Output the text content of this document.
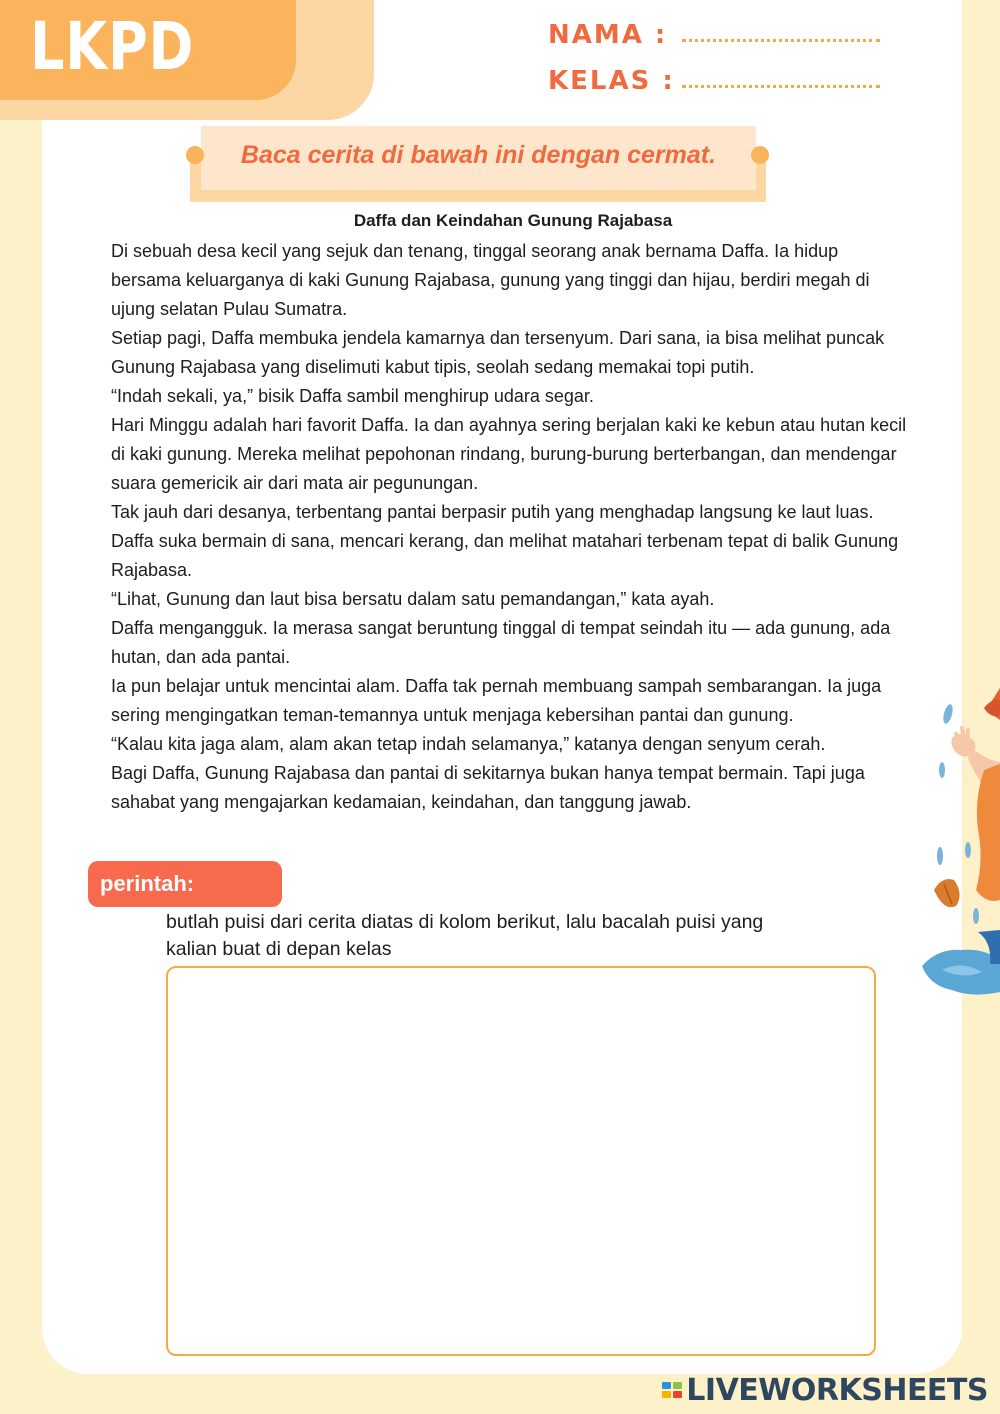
LKPD	NAMA :
KELAS :
Baca cerita di bawah ini dengan cermat.
Daffa dan Keindahan Gunung Rajabasa

Di sebuah desa kecil yang sejuk dan tenang, tinggal seorang anak bernama Daffa. Ia hidup bersama keluarganya di kaki Gunung Rajabasa, gunung yang tinggi dan hijau, berdiri megah di ujung selatan Pulau Sumatra.

Setiap pagi, Daffa membuka jendela kamarnya dan tersenyum. Dari sana, ia bisa melihat puncak Gunung Rajabasa yang diselimuti kabut tipis, seolah sedang memakai topi putih.

“Indah sekali, ya,” bisik Daffa sambil menghirup udara segar.

Hari Minggu adalah hari favorit Daffa. Ia dan ayahnya sering berjalan kaki ke kebun atau hutan kecil di kaki gunung. Mereka melihat pepohonan rindang, burung-burung berterbangan, dan mendengar suara gemericik air dari mata air pegunungan.

Tak jauh dari desanya, terbentang pantai berpasir putih yang menghadap langsung ke laut luas. Daffa suka bermain di sana, mencari kerang, dan melihat matahari terbenam tepat di balik Gunung Rajabasa.

“Lihat, Gunung dan laut bisa bersatu dalam satu pemandangan,” kata ayah.

Daffa mengangguk. Ia merasa sangat beruntung tinggal di tempat seindah itu — ada gunung, ada hutan, dan ada pantai.

Ia pun belajar untuk mencintai alam. Daffa tak pernah membuang sampah sembarangan. Ia juga sering mengingatkan teman-temannya untuk menjaga kebersihan pantai dan gunung.

“Kalau kita jaga alam, alam akan tetap indah selamanya,” katanya dengan senyum cerah.

Bagi Daffa, Gunung Rajabasa dan pantai di sekitarnya bukan hanya tempat bermain. Tapi juga sahabat yang mengajarkan kedamaian, keindahan, dan tanggung jawab.

perintah:
butlah puisi dari cerita diatas di kolom berikut, lalu bacalah puisi yang
kalian buat di depan kelas
LIVEWORKSHEETS
